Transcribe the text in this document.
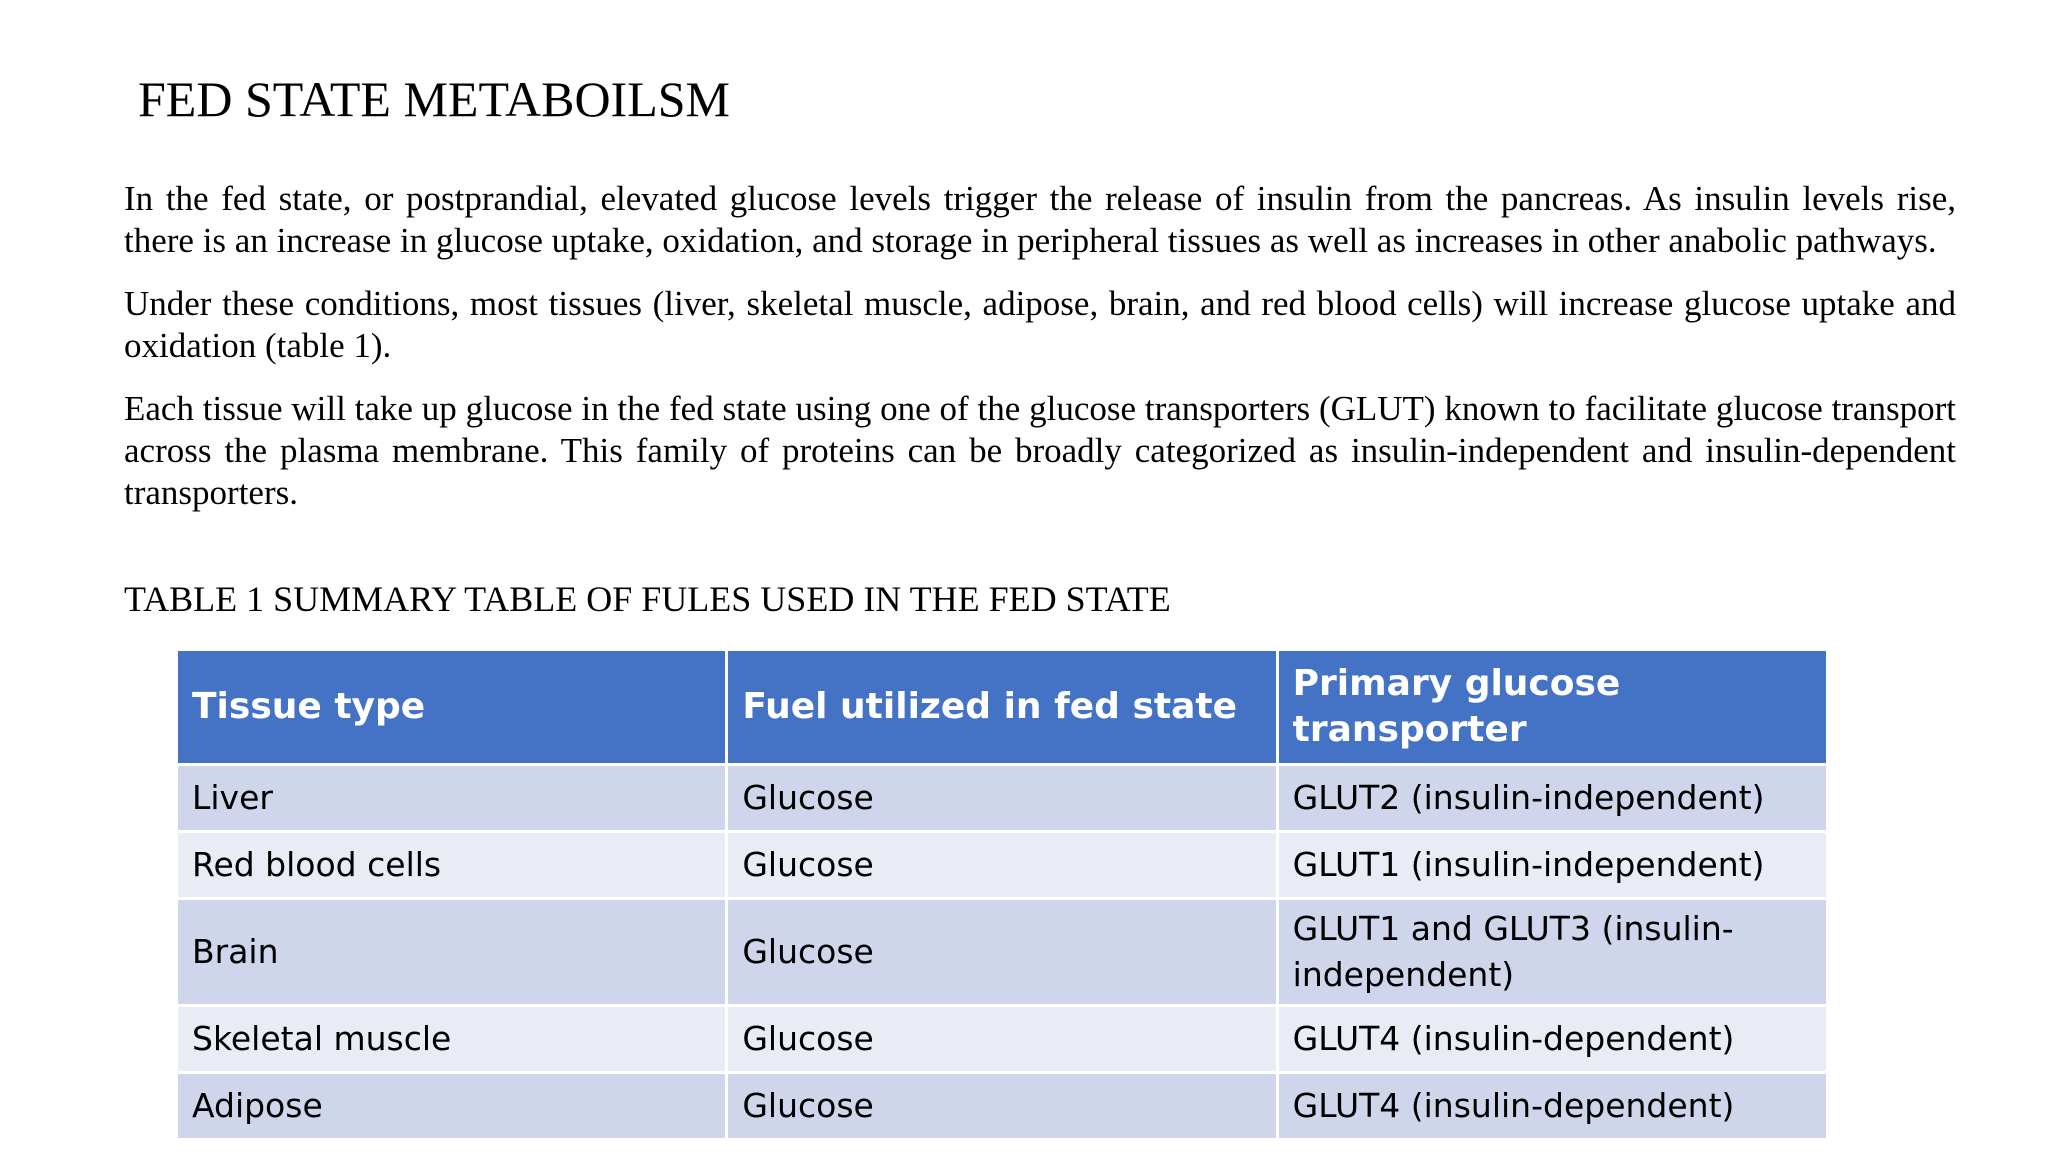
FED STATE METABOILSM

In the fed state, or postprandial, elevated glucose levels trigger the release of insulin from the pancreas. As insulin levels rise, there is an increase in glucose uptake, oxidation, and storage in peripheral tissues as well as increases in other anabolic pathways.

Under these conditions, most tissues (liver, skeletal muscle, adipose, brain, and red blood cells) will increase glucose uptake and oxidation (table 1).

Each tissue will take up glucose in the fed state using one of the glucose transporters (GLUT) known to facilitate glucose transport across the plasma membrane. This family of proteins can be broadly categorized as insulin-independent and insulin-dependent transporters.

TABLE 1 SUMMARY TABLE OF FULES USED IN THE FED STATE

Tissue type	Fuel utilized in fed state	Primary glucose transporter
Liver	Glucose	GLUT2 (insulin-independent)
Red blood cells	Glucose	GLUT1 (insulin-independent)
Brain	Glucose	GLUT1 and GLUT3 (insulin-independent)
Skeletal muscle	Glucose	GLUT4 (insulin-dependent)
Adipose	Glucose	GLUT4 (insulin-dependent)
